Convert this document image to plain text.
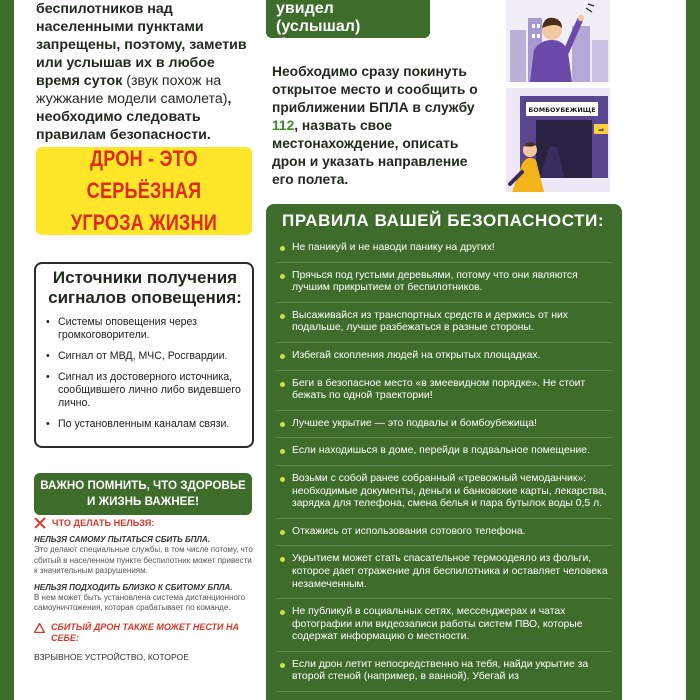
беспилотников над населенными пунктами запрещены, поэтому, заметив или услышав их в любое время суток (звук похож на жужжание модели самолета), необходимо следовать правилам безопасности.

ДРОН - ЭТО СЕРЬЁЗНАЯ УГРОЗА ЖИЗНИ
Источники получения сигналов оповещения:
• Системы оповещения через громкоговорители.
• Сигнал от МВД, МЧС, Росгвардии.
• Сигнал из достоверного источника, сообщившего лично либо видевшего лично.
• По установленным каналам связи.
ВАЖНО ПОМНИТЬ, ЧТО ЗДОРОВЬЕ И ЖИЗНЬ ВАЖНЕЕ!
ЧТО ДЕЛАТЬ НЕЛЬЗЯ:
НЕЛЬЗЯ САМОМУ ПЫТАТЬСЯ СБИТЬ БПЛА.
Это делают специальные службы, в том числе потому, что сбитый в населенном пункте беспилотник может привести к значительным разрушениям.
НЕЛЬЗЯ ПОДХОДИТЬ БЛИЗКО К СБИТОМУ БПЛА.
В нем может быть установлена система дистанционного самоуничтожения, которая срабатывает по команде.
СБИТЫЙ ДРОН ТАКЖЕ МОЖЕТ НЕСТИ НА СЕБЕ:
ВЗРЫВНОЕ УСТРОЙСТВО, КОТОРОЕ
увидел (услышал) беспилотник?

Необходимо сразу покинуть открытое место и сообщить о приближении БПЛА в службу 112, назвать свое местонахождение, описать дрон и указать направление его полета.

БОМБОУБЕЖИЩЕ
⇒
ПРАВИЛА ВАШЕЙ БЕЗОПАСНОСТИ:
Не паникуй и не наводи панику на других!
Прячься под густыми деревьями, потому что они являются лучшим прикрытием от беспилотников.
Высаживайся из транспортных средств и держись от них подальше, лучше разбежаться в разные стороны.
Избегай скопления людей на открытых площадках.
Беги в безопасное место «в змеевидном порядке». Не стоит бежать по одной траектории!
Лучшее укрытие — это подвалы и бомбоубежища!
Если находишься в доме, перейди в подвальное помещение.
Возьми с собой ранее собранный «тревожный чемоданчик»: необходимые документы, деньги и банковские карты, лекарства, зарядка для телефона, смена белья и пара бутылок воды 0,5 л.
Откажись от использования сотового телефона.
Укрытием может стать спасательное термоодеяло из фольги, которое дает отражение для беспилотника и оставляет человека незамеченным.
Не публикуй в социальных сетях, мессенджерах и чатах фотографии или видеозаписи работы систем ПВО, которые содержат информацию о местности.
Если дрон летит непосредственно на тебя, найди укрытие за второй стеной (например, в ванной). Убегай из
